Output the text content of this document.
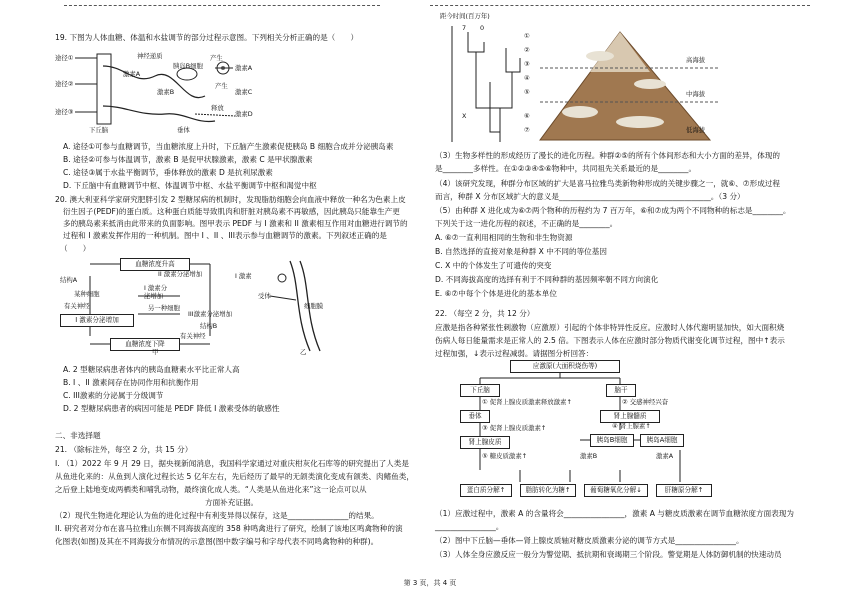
19. 下图为人体血糖、体温和水盐调节的部分过程示意图。下列相关分析正确的是（　　）
途径①
途径②
途径③
神经递质
激素A
胰岛B细胞
产生
激素A
产生
激素C
激素B
释放
激素D
下丘脑	垂体
A. 途径①可参与血糖调节，当血糖浓度上升时，下丘脑产生激素促使胰岛 B 细胞合成并分泌胰岛素
B. 途径②可参与体温调节，激素 B 是促甲状腺激素，激素 C 是甲状腺激素
C. 途径③属于水盐平衡调节，垂体释放的激素 D 是抗利尿激素
D. 下丘脑中有血糖调节中枢、体温调节中枢、水盐平衡调节中枢和渴觉中枢
20. 澳大利亚科学家研究肥胖引发 2 型糖尿病的机制时，发现脂肪细胞会向血液中释放一种名为色素上皮
衍生因子(PEDF)的蛋白质。这种蛋白质能导致肌肉和肝脏对胰岛素不再敏感，因此胰岛只能靠生产更
多的胰岛素来抵消由此带来的负面影响。图甲表示 PEDF 与 I 激素和 II 激素相互作用对血糖进行调节的
过程和 I 激素发挥作用的一种机制。图中 I 、II 、III表示参与血糖调节的激素。下列叙述正确的是
（　　）
血糖浓度升高
结构A
某种细胞
有关神经
I 激素分泌增加
I 激素分
泌增加
II 激素分泌增加
另一种细胞
III激素分泌增加
结构B
有关神经
血糖浓度下降
I 激素
受体
细胞膜
甲	乙
A. 2 型糖尿病患者体内的胰岛血糖素水平比正常人高
B. I 、II 激素间存在协同作用和抗衡作用
C. III激素的分泌属于分级调节
D. 2 型糖尿病患者的病因可能是 PEDF 降低 I 激素受体的敏感性
二、非选择题
21. （除标注外，每空 2 分，共 15 分）
I. （1）2022 年 9 月 29 日，据央视新闻消息，我国科学家通过对重庆柑灰化石库等的研究提出了人类是
从鱼进化来的：从鱼到人演化过程长达 5 亿年左右，先后经历了最早的无颌类演化变成有颌类、肉鳍鱼类，
之后登上陆地变成两栖类和哺乳动物，最终演化成人类。“人类是从鱼进化来”这一论点可以从
方面补充证据。
（2）现代生物进化理论认为鱼的进化过程中有利变异得以保存，这是________________的结果。
II. 研究者对分布在喜马拉雅山东侧不同海拔高度的 358 种鸣禽进行了研究，绘制了该地区鸣禽物种的演
化图表(如图)及其在不同海拔分布情况的示意图(图中数字编号和字母代表不同鸣禽物种的种群)。
距今时间(百万年)
7 0
①
②
③
④
⑤
⑥
⑦
X
高海拔
中海拔
低海拔
（3）生物多样性的形成经历了漫长的进化历程。种群②⑤的所有个体间形态和大小方面的差异，体现的
是________多样性。在①②③④⑤⑥物种中，共同祖先关系最近的是________。
（4）该研究发现，种群分布区域的扩大是喜马拉雅鸟类新物种形成的关键步骤之一，就⑥、⑦形成过程
而言，种群 X 分布区域扩大的意义是________________________________________。（3 分）
（5）由种群 X 进化成为⑥⑦两个物种的历程约为 7 百万年，⑥和⑦成为两个不同物种的标志是________。
下列关于这一进化历程的叙述，不正确的是________。
A. ⑥⑦一直利用相同的生物和非生物资源
B. 自然选择的直接对象是种群 X 中不同的等位基因
C. X 中的个体发生了可遗传的突变
D. 不同海拔高度的选择有利于不同种群的基因频率朝不同方向演化
E. ⑥⑦中每个个体是进化的基本单位
22. （每空 2 分，共 12 分）
应激是指各种紧张性刺激物（应激原）引起的个体非特异性反应。应激时人体代谢明显加快，如大面积烧
伤病人每日能量需求是正常人的 2.5 倍。下图表示人体在应激时部分物质代谢变化调节过程，图中↑表示
过程加强，↓表示过程减弱。请据图分析回答：
应激原(大面积烧伤等)
下丘脑	脑干
① 促肾上腺皮质激素释放激素↑	② 交感神经兴奋
垂体	肾上腺髓质
③ 促肾上腺皮质激素↑	④ 肾上腺素↑
肾上腺皮质	胰岛B细胞	胰岛A细胞
⑤ 糖皮质激素↑	激素B	激素A
蛋白质分解↑	脂肪转化为糖↑	葡萄糖氧化分解↓	肝糖原分解↑
（1）应激过程中，激素 A 的含量将会________________，激素 A 与糖皮质激素在调节血糖浓度方面表现为
________________。
（2）图中下丘脑—垂体—肾上腺皮质轴对糖皮质激素分泌的调节方式是________________。
（3）人体全身应激反应一般分为警觉期、抵抗期和衰竭期三个阶段。警觉期是人体防御机制的快速动员
第 3 页，共 4 页
